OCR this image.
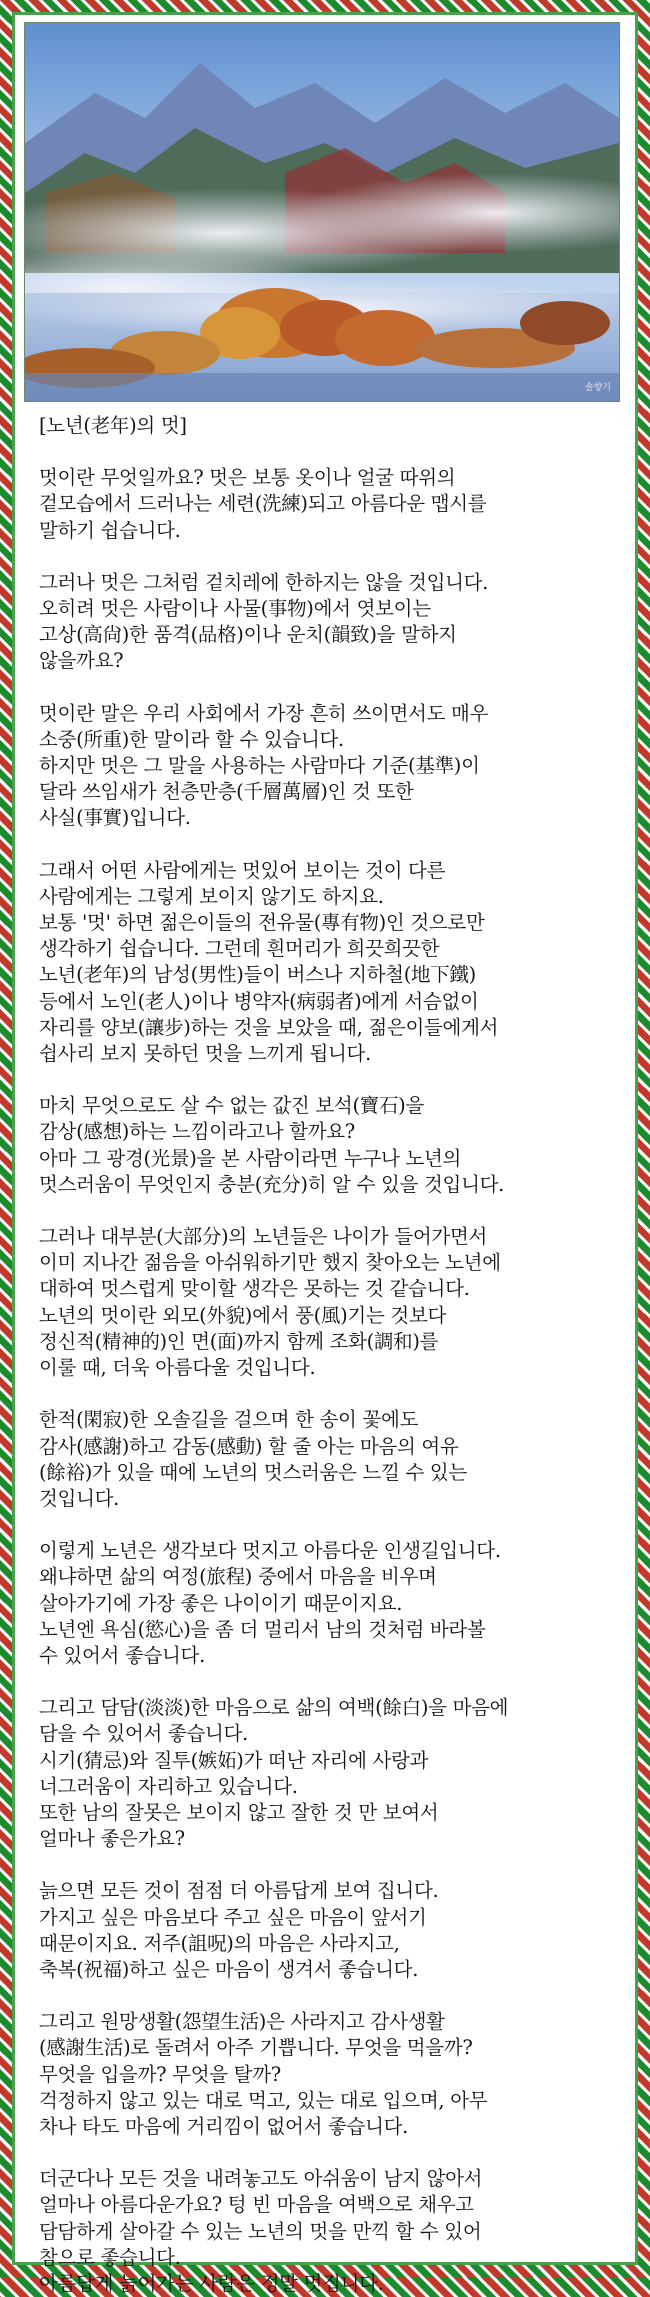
솔향기

[노년(老年)의 멋]

멋이란 무엇일까요? 멋은 보통 옷이나 얼굴 따위의
겉모습에서 드러나는 세련(洗練)되고 아름다운 맵시를
말하기 쉽습니다.

그러나 멋은 그처럼 겉치레에 한하지는 않을 것입니다.
오히려 멋은 사람이나 사물(事物)에서 엿보이는
고상(高尙)한 품격(品格)이나 운치(韻致)을 말하지
않을까요?

멋이란 말은 우리 사회에서 가장 흔히 쓰이면서도 매우
소중(所重)한 말이라 할 수 있습니다.
하지만 멋은 그 말을 사용하는 사람마다 기준(基準)이
달라 쓰임새가 천층만층(千層萬層)인 것 또한
사실(事實)입니다.

그래서 어떤 사람에게는 멋있어 보이는 것이 다른
사람에게는 그렇게 보이지 않기도 하지요.
보통 '멋' 하면 젊은이들의 전유물(專有物)인 것으로만
생각하기 쉽습니다. 그런데 흰머리가 희끗희끗한
노년(老年)의 남성(男性)들이 버스나 지하철(地下鐵)
등에서 노인(老人)이나 병약자(病弱者)에게 서슴없이
자리를 양보(讓步)하는 것을 보았을 때, 젊은이들에게서
쉽사리 보지 못하던 멋을 느끼게 됩니다.

마치 무엇으로도 살 수 없는 값진 보석(寶石)을
감상(感想)하는 느낌이라고나 할까요?
아마 그 광경(光景)을 본 사람이라면 누구나 노년의
멋스러움이 무엇인지 충분(充分)히 알 수 있을 것입니다.

그러나 대부분(大部分)의 노년들은 나이가 들어가면서
이미 지나간 젊음을 아쉬워하기만 했지 찾아오는 노년에
대하여 멋스럽게 맞이할 생각은 못하는 것 같습니다.
노년의 멋이란 외모(外貌)에서 풍(風)기는 것보다
정신적(精神的)인 면(面)까지 함께 조화(調和)를
이룰 때, 더욱 아름다울 것입니다.

한적(閑寂)한 오솔길을 걸으며 한 송이 꽃에도
감사(感謝)하고 감동(感動) 할 줄 아는 마음의 여유
(餘裕)가 있을 때에 노년의 멋스러움은 느낄 수 있는
것입니다.

이렇게 노년은 생각보다 멋지고 아름다운 인생길입니다.
왜냐하면 삶의 여정(旅程) 중에서 마음을 비우며
살아가기에 가장 좋은 나이이기 때문이지요.
노년엔 욕심(慾心)을 좀 더 멀리서 남의 것처럼 바라볼
수 있어서 좋습니다.

그리고 담담(淡淡)한 마음으로 삶의 여백(餘白)을 마음에
담을 수 있어서 좋습니다.
시기(猜忌)와 질투(嫉妬)가 떠난 자리에 사랑과
너그러움이 자리하고 있습니다.
또한 남의 잘못은 보이지 않고 잘한 것 만 보여서
얼마나 좋은가요?

늙으면 모든 것이 점점 더 아름답게 보여 집니다.
가지고 싶은 마음보다 주고 싶은 마음이 앞서기
때문이지요. 저주(詛呪)의 마음은 사라지고,
축복(祝福)하고 싶은 마음이 생겨서 좋습니다.

그리고 원망생활(怨望生活)은 사라지고 감사생활
(感謝生活)로 돌려서 아주 기쁩니다. 무엇을 먹을까?
무엇을 입을까? 무엇을 탈까?
걱정하지 않고 있는 대로 먹고, 있는 대로 입으며, 아무
차나 타도 마음에 거리낌이 없어서 좋습니다.

더군다나 모든 것을 내려놓고도 아쉬움이 남지 않아서
얼마나 아름다운가요? 텅 빈 마음을 여백으로 채우고
담담하게 살아갈 수 있는 노년의 멋을 만끽 할 수 있어
참으로 좋습니다.
아름답게 늙어가는 사람은 정말 멋집니다.
